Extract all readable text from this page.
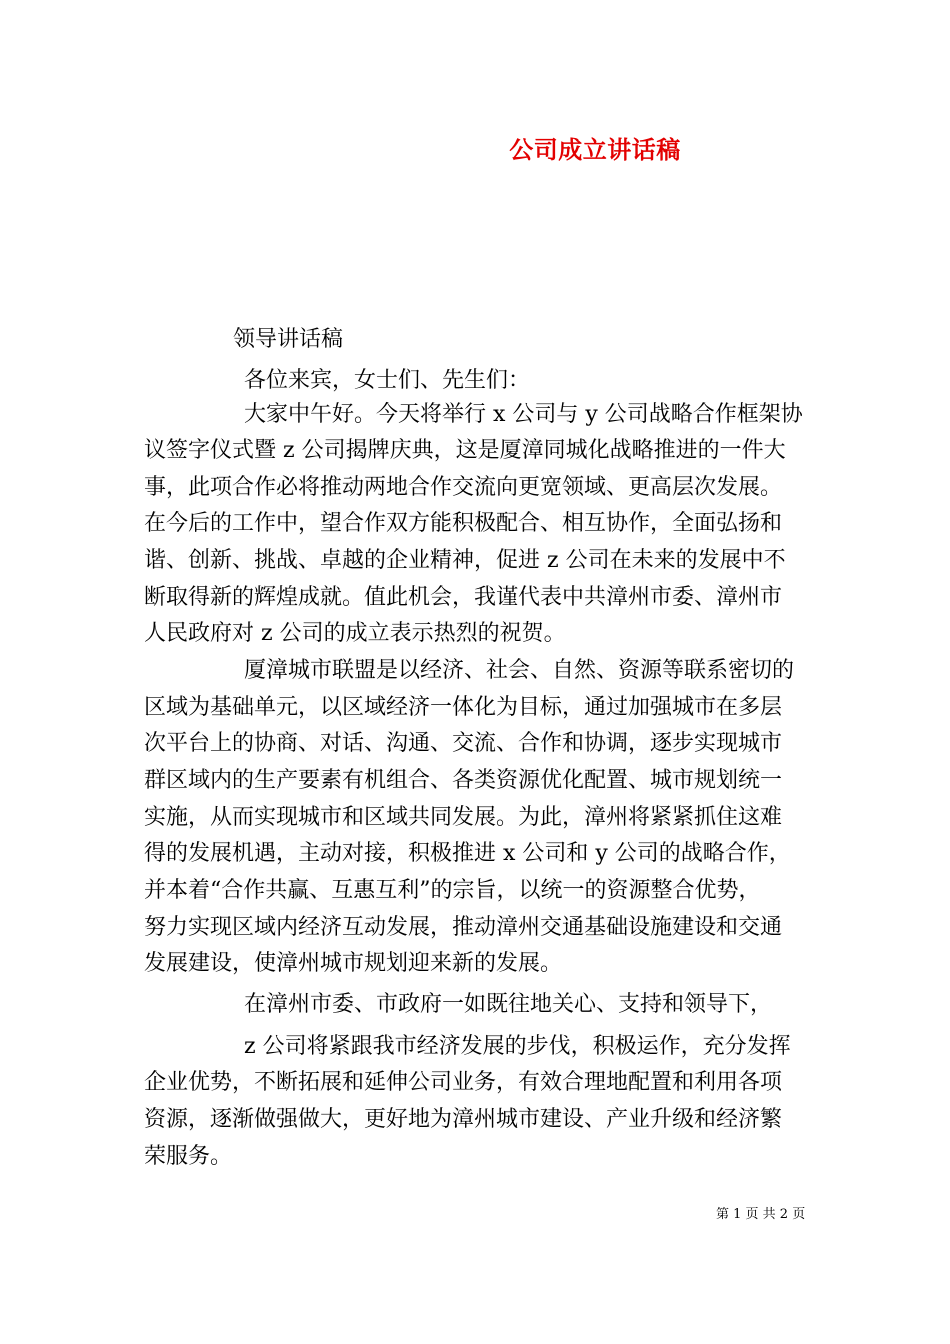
公司成立讲话稿
领导讲话稿
各位来宾，女士们、先生们：
大家中午好。今天将举行 x 公司与 y 公司战略合作框架协
议签字仪式暨 z 公司揭牌庆典，这是厦漳同城化战略推进的一件大
事，此项合作必将推动两地合作交流向更宽领域、更高层次发展。
在今后的工作中，望合作双方能积极配合、相互协作，全面弘扬和
谐、创新、挑战、卓越的企业精神，促进 z 公司在未来的发展中不
断取得新的辉煌成就。值此机会，我谨代表中共漳州市委、漳州市
人民政府对 z 公司的成立表示热烈的祝贺。
厦漳城市联盟是以经济、社会、自然、资源等联系密切的
区域为基础单元，以区域经济一体化为目标，通过加强城市在多层
次平台上的协商、对话、沟通、交流、合作和协调，逐步实现城市
群区域内的生产要素有机组合、各类资源优化配置、城市规划统一
实施，从而实现城市和区域共同发展。为此，漳州将紧紧抓住这难
得的发展机遇，主动对接，积极推进 x 公司和 y 公司的战略合作，
并本着“合作共赢、互惠互利”的宗旨，以统一的资源整合优势，
努力实现区域内经济互动发展，推动漳州交通基础设施建设和交通
发展建设，使漳州城市规划迎来新的发展。
在漳州市委、市政府一如既往地关心、支持和领导下，
z 公司将紧跟我市经济发展的步伐，积极运作，充分发挥
企业优势，不断拓展和延伸公司业务，有效合理地配置和利用各项
资源，逐渐做强做大，更好地为漳州城市建设、产业升级和经济繁
荣服务。
第 1 页 共 2 页
